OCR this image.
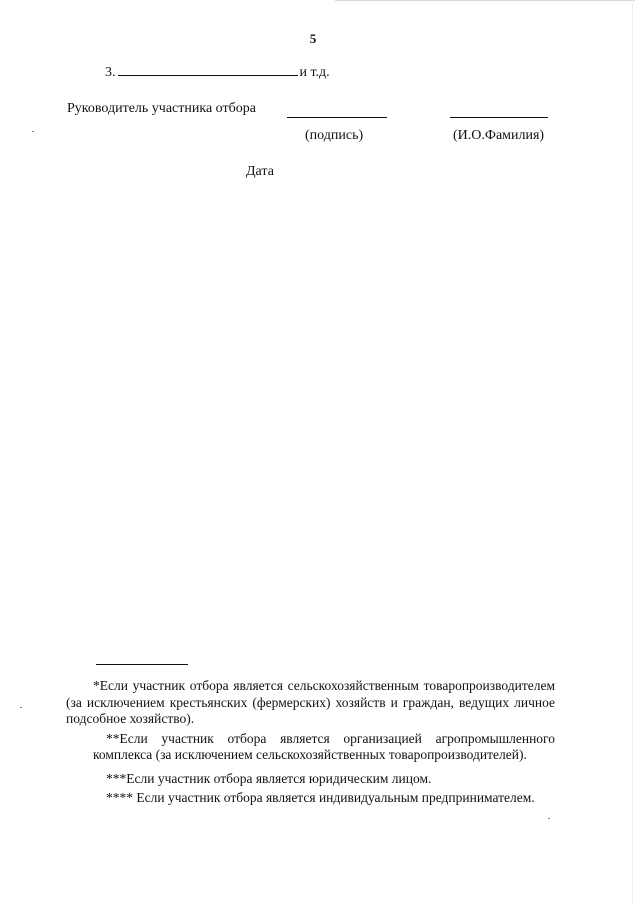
5
3.	и т.д.
Руководитель участника отбора
(подпись)	(И.О.Фамилия)
Дата

*Если участник отбора является сельскохозяйственным товаропроизводителем (за исключением крестьянских (фермерских) хозяйств и граждан, ведущих личное подсобное хозяйство).

**Если участник отбора является организацией агропромышленного комплекса (за исключением сельскохозяйственных товаропроизводителей).

***Если участник отбора является юридическим лицом.

**** Если участник отбора является индивидуальным предпринимателем.
